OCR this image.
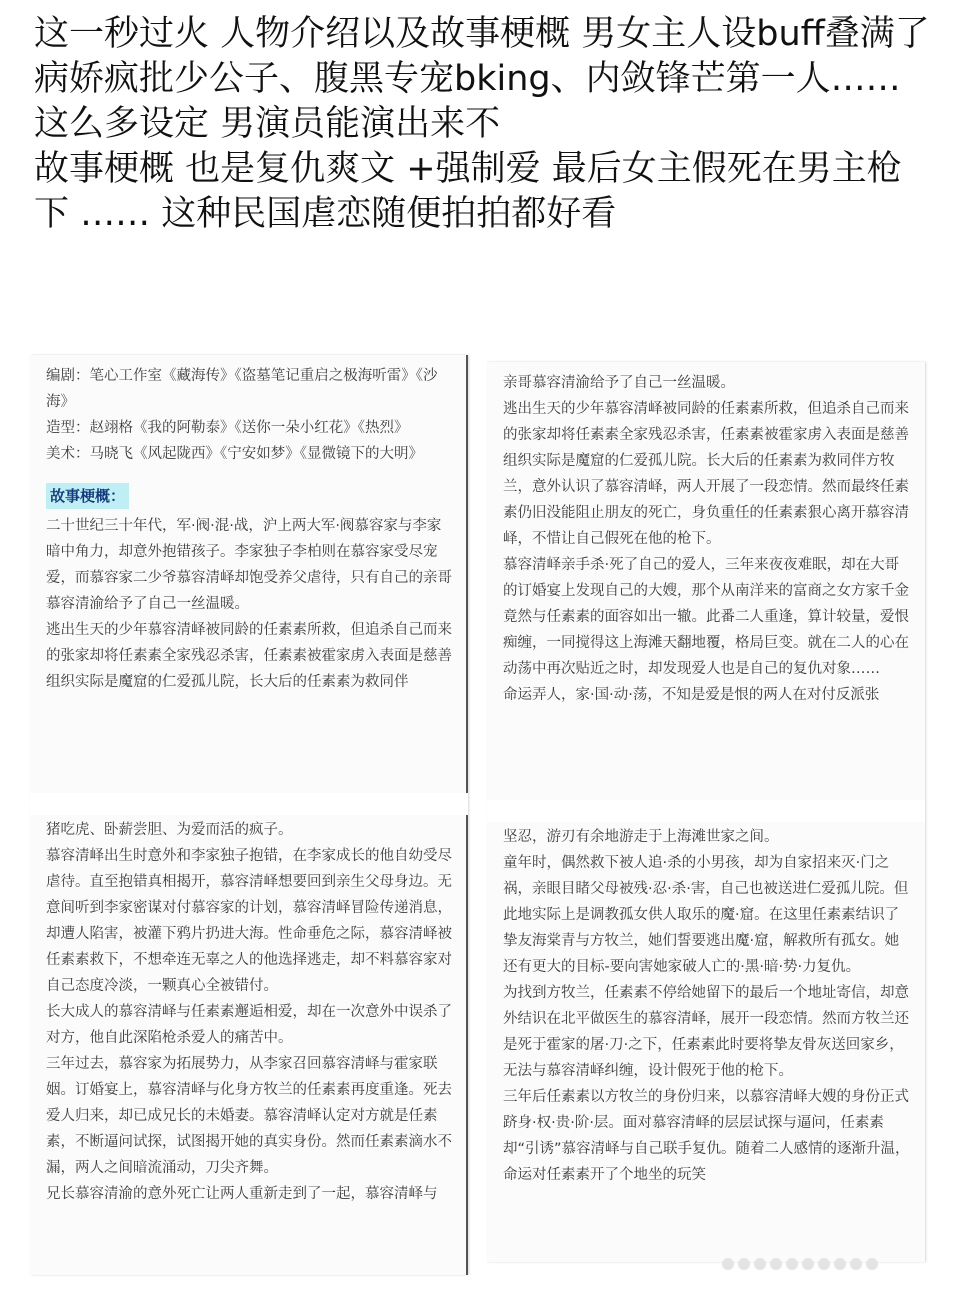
这一秒过火 人物介绍以及故事梗概 男女主人设buff叠满了

病娇疯批少公子、腹黑专宠bking、内敛锋芒第一人…… 这么多设定 男演员能演出来不

故事梗概 也是复仇爽文 +强制爱 最后女主假死在男主枪下 …… 这种民国虐恋随便拍拍都好看

编剧：笔心工作室《藏海传》《盗墓笔记重启之极海听雷》《沙海》

造型：赵翊格《我的阿勒泰》《送你一朵小红花》《热烈》

美术：马晓飞《风起陇西》《宁安如梦》《显微镜下的大明》

故事梗概：

二十世纪三十年代，军·阀·混·战，沪上两大军·阀慕容家与李家暗中角力，却意外抱错孩子。李家独子李柏则在慕容家受尽宠爱，而慕容家二少爷慕容清峄却饱受养父虐待，只有自己的亲哥慕容清渝给予了自己一丝温暖。

逃出生天的少年慕容清峄被同龄的任素素所救，但追杀自己而来的张家却将任素素全家残忍杀害，任素素被霍家虏入表面是慈善组织实际是魔窟的仁爱孤儿院，长大后的任素素为救同伴

猪吃虎、卧薪尝胆、为爱而活的疯子。

慕容清峄出生时意外和李家独子抱错，在李家成长的他自幼受尽虐待。直至抱错真相揭开，慕容清峄想要回到亲生父母身边。无意间听到李家密谋对付慕容家的计划，慕容清峄冒险传递消息，却遭人陷害，被灌下鸦片扔进大海。性命垂危之际，慕容清峄被任素素救下，不想牵连无辜之人的他选择逃走，却不料慕容家对自己态度冷淡，一颗真心全被错付。

长大成人的慕容清峄与任素素邂逅相爱，却在一次意外中误杀了对方，他自此深陷枪杀爱人的痛苦中。

三年过去，慕容家为拓展势力，从李家召回慕容清峄与霍家联姻。订婚宴上，慕容清峄与化身方牧兰的任素素再度重逢。死去爱人归来，却已成兄长的未婚妻。慕容清峄认定对方就是任素素，不断逼问试探，试图揭开她的真实身份。然而任素素滴水不漏，两人之间暗流涌动，刀尖齐舞。

兄长慕容清渝的意外死亡让两人重新走到了一起，慕容清峄与

亲哥慕容清渝给予了自己一丝温暖。

逃出生天的少年慕容清峄被同龄的任素素所救，但追杀自己而来的张家却将任素素全家残忍杀害，任素素被霍家虏入表面是慈善组织实际是魔窟的仁爱孤儿院。长大后的任素素为救同伴方牧兰，意外认识了慕容清峄，两人开展了一段恋情。然而最终任素素仍旧没能阻止朋友的死亡，身负重任的任素素狠心离开慕容清峄，不惜让自己假死在他的枪下。

慕容清峄亲手杀·死了自己的爱人，三年来夜夜难眠，却在大哥的订婚宴上发现自己的大嫂，那个从南洋来的富商之女方家千金竟然与任素素的面容如出一辙。此番二人重逢，算计较量，爱恨痴缠，一同搅得这上海滩天翻地覆，格局巨变。就在二人的心在动荡中再次贴近之时，却发现爱人也是自己的复仇对象……

命运弄人，家·国·动·荡，不知是爱是恨的两人在对付反派张

坚忍，游刃有余地游走于上海滩世家之间。

童年时，偶然救下被人追·杀的小男孩，却为自家招来灭·门之祸，亲眼目睹父母被残·忍·杀·害，自己也被送进仁爱孤儿院。但此地实际上是调教孤女供人取乐的魔·窟。在这里任素素结识了挚友海棠青与方牧兰，她们誓要逃出魔·窟，解救所有孤女。她还有更大的目标-要向害她家破人亡的·黑·暗·势·力复仇。

为找到方牧兰，任素素不停给她留下的最后一个地址寄信，却意外结识在北平做医生的慕容清峄，展开一段恋情。然而方牧兰还是死于霍家的屠·刀·之下，任素素此时要将挚友骨灰送回家乡，无法与慕容清峄纠缠，设计假死于他的枪下。

三年后任素素以方牧兰的身份归来，以慕容清峄大嫂的身份正式跻身·权·贵·阶·层。面对慕容清峄的层层试探与逼问，任素素却“引诱”慕容清峄与自己联手复仇。随着二人感情的逐渐升温，命运对任素素开了个地坐的玩笑
